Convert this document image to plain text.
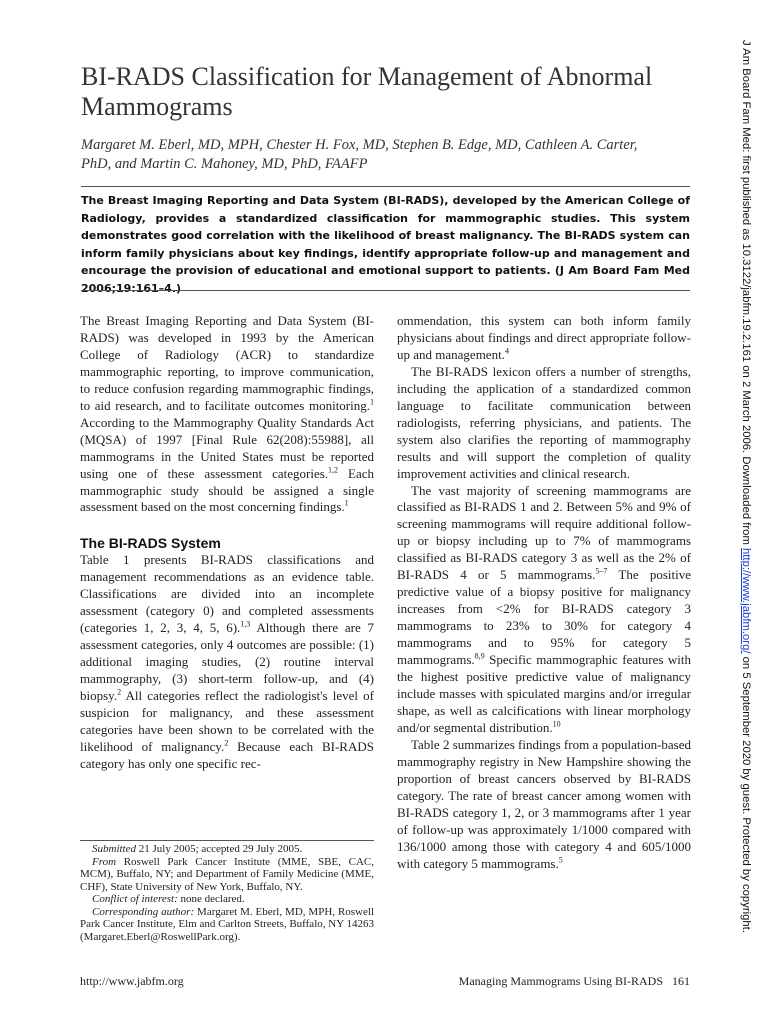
BI-RADS Classification for Management of Abnormal Mammograms
Margaret M. Eberl, MD, MPH, Chester H. Fox, MD, Stephen B. Edge, MD, Cathleen A. Carter, PhD, and Martin C. Mahoney, MD, PhD, FAAFP
The Breast Imaging Reporting and Data System (BI-RADS), developed by the American College of Radiology, provides a standardized classification for mammographic studies. This system demonstrates good correlation with the likelihood of breast malignancy. The BI-RADS system can inform family physicians about key findings, identify appropriate follow-up and management and encourage the provision of educational and emotional support to patients. (J Am Board Fam Med 2006;19:161–4.)

The Breast Imaging Reporting and Data System (BI-RADS) was developed in 1993 by the American College of Radiology (ACR) to standardize mammographic reporting, to improve communication, to reduce confusion regarding mammographic findings, to aid research, and to facilitate outcomes monitoring.$^1$ According to the Mammography Quality Standards Act (MQSA) of 1997 [Final Rule 62(208):55988], all mammograms in the United States must be reported using one of these assessment categories.$^{1,2}$ Each mammographic study should be assigned a single assessment based on the most concerning findings.$^1$

The BI-RADS System

Table 1 presents BI-RADS classifications and management recommendations as an evidence table. Classifications are divided into an incomplete assessment (category 0) and completed assessments (categories 1, 2, 3, 4, 5, 6).$^{1,3}$ Although there are 7 assessment categories, only 4 outcomes are possible: (1) additional imaging studies, (2) routine interval mammography, (3) short-term follow-up, and (4) biopsy.$^2$ All categories reflect the radiologist's level of suspicion for malignancy, and these assessment categories have been shown to be correlated with the likelihood of malignancy.$^2$ Because each BI-RADS category has only one specific rec-

ommendation, this system can both inform family physicians about findings and direct appropriate follow-up and management.$^4$

The BI-RADS lexicon offers a number of strengths, including the application of a standardized common language to facilitate communication between radiologists, referring physicians, and patients. The system also clarifies the reporting of mammography results and will support the completion of quality improvement activities and clinical research.

The vast majority of screening mammograms are classified as BI-RADS 1 and 2. Between 5% and 9% of screening mammograms will require additional follow-up or biopsy including up to 7% of mammograms classified as BI-RADS category 3 as well as the 2% of BI-RADS 4 or 5 mammograms.$^{5-7}$ The positive predictive value of a biopsy positive for malignancy increases from <2% for BI-RADS category 3 mammograms to 23% to 30% for category 4 mammograms and to 95% for category 5 mammograms.$^{8,9}$ Specific mammographic features with the highest positive predictive value of malignancy include masses with spiculated margins and/or irregular shape, as well as calcifications with linear morphology and/or segmental distribution.$^{10}$

Table 2 summarizes findings from a population-based mammography registry in New Hampshire showing the proportion of breast cancers observed by BI-RADS category. The rate of breast cancer among women with BI-RADS category 1, 2, or 3 mammograms after 1 year of follow-up was approximately 1/1000 compared with 136/1000 among those with category 4 and 605/1000 with category 5 mammograms.$^5$

Submitted 21 July 2005; accepted 29 July 2005.

From Roswell Park Cancer Institute (MME, SBE, CAC, MCM), Buffalo, NY; and Department of Family Medicine (MME, CHF), State University of New York, Buffalo, NY.

Conflict of interest: none declared.

Corresponding author: Margaret M. Eberl, MD, MPH, Roswell Park Cancer Institute, Elm and Carlton Streets, Buffalo, NY 14263 (Margaret.Eberl@RoswellPark.org).

http://www.jabfm.org	Managing Mammograms Using BI-RADS 161
J Am Board Fam Med: first published as 10.3122/jabfm.19.2.161 on 2 March 2006. Downloaded from http://www.jabfm.org/ on 5 September 2020 by guest. Protected by copyright.
